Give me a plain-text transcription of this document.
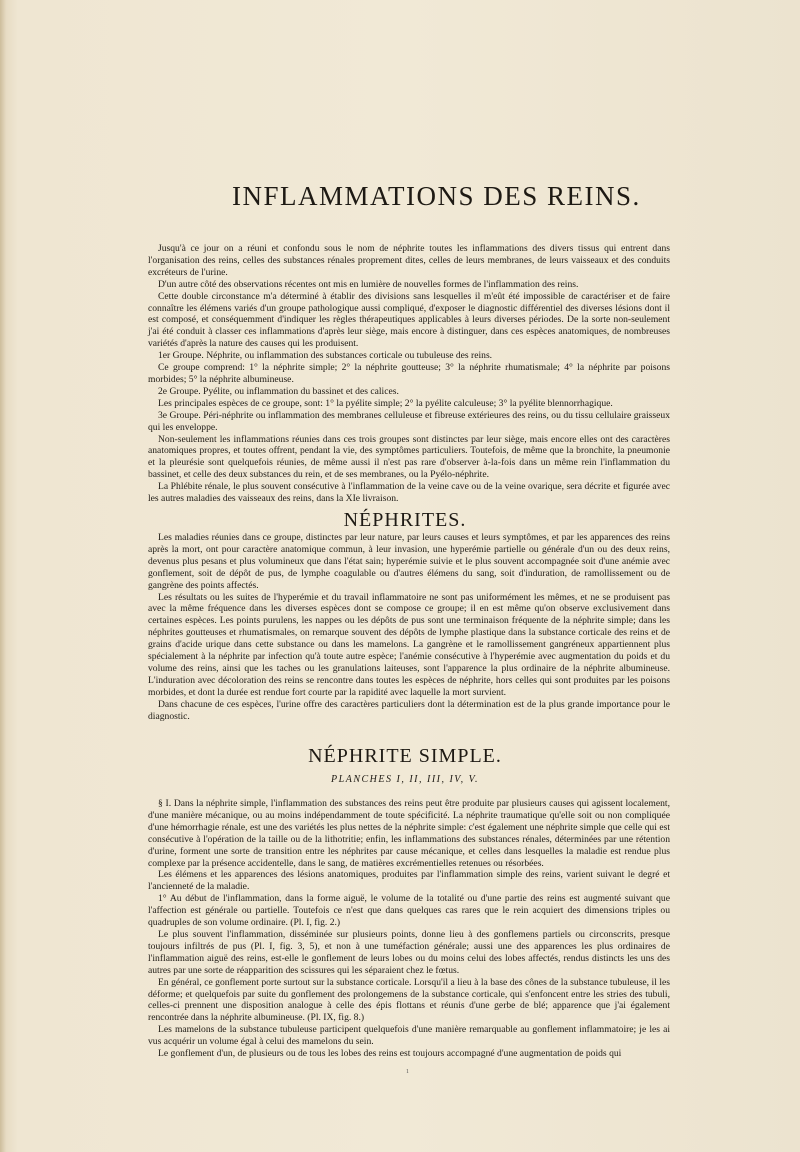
INFLAMMATIONS DES REINS.

Jusqu'à ce jour on a réuni et confondu sous le nom de néphrite toutes les inflammations des divers tissus qui entrent dans l'organisation des reins, celles des substances rénales proprement dites, celles de leurs membranes, de leurs vaisseaux et des conduits excréteurs de l'urine.

D'un autre côté des observations récentes ont mis en lumière de nouvelles formes de l'inflammation des reins.

Cette double circonstance m'a déterminé à établir des divisions sans lesquelles il m'eût été impossible de caractériser et de faire connaître les élémens variés d'un groupe pathologique aussi compliqué, d'exposer le diagnostic différentiel des diverses lésions dont il est composé, et conséquemment d'indiquer les règles thérapeutiques applicables à leurs diverses périodes. De la sorte non-seulement j'ai été conduit à classer ces inflammations d'après leur siège, mais encore à distinguer, dans ces espèces anatomiques, de nombreuses variétés d'après la nature des causes qui les produisent.

1er Groupe. Néphrite, ou inflammation des substances corticale ou tubuleuse des reins.

Ce groupe comprend: 1° la néphrite simple; 2° la néphrite goutteuse; 3° la néphrite rhumatismale; 4° la néphrite par poisons morbides; 5° la néphrite albumineuse.

2e Groupe. Pyélite, ou inflammation du bassinet et des calices.

Les principales espèces de ce groupe, sont: 1° la pyélite simple; 2° la pyélite calculeuse; 3° la pyélite blennorrhagique.

3e Groupe. Péri-néphrite ou inflammation des membranes celluleuse et fibreuse extérieures des reins, ou du tissu cellulaire graisseux qui les enveloppe.

Non-seulement les inflammations réunies dans ces trois groupes sont distinctes par leur siège, mais encore elles ont des caractères anatomiques propres, et toutes offrent, pendant la vie, des symptômes particuliers. Toutefois, de même que la bronchite, la pneumonie et la pleurésie sont quelquefois réunies, de même aussi il n'est pas rare d'observer à-la-fois dans un même rein l'inflammation du bassinet, et celle des deux substances du rein, et de ses membranes, ou la Pyélo-néphrite.

La Phlébite rénale, le plus souvent consécutive à l'inflammation de la veine cave ou de la veine ovarique, sera décrite et figurée avec les autres maladies des vaisseaux des reins, dans la XIe livraison.

NÉPHRITES.

Les maladies réunies dans ce groupe, distinctes par leur nature, par leurs causes et leurs symptômes, et par les apparences des reins après la mort, ont pour caractère anatomique commun, à leur invasion, une hyperémie partielle ou générale d'un ou des deux reins, devenus plus pesans et plus volumineux que dans l'état sain; hyperémie suivie et le plus souvent accompagnée soit d'une anémie avec gonflement, soit de dépôt de pus, de lymphe coagulable ou d'autres élémens du sang, soit d'induration, de ramollissement ou de gangrène des points affectés.

Les résultats ou les suites de l'hyperémie et du travail inflammatoire ne sont pas uniformément les mêmes, et ne se produisent pas avec la même fréquence dans les diverses espèces dont se compose ce groupe; il en est même qu'on observe exclusivement dans certaines espèces. Les points purulens, les nappes ou les dépôts de pus sont une terminaison fréquente de la néphrite simple; dans les néphrites goutteuses et rhumatismales, on remarque souvent des dépôts de lymphe plastique dans la substance corticale des reins et de grains d'acide urique dans cette substance ou dans les mamelons. La gangrène et le ramollissement gangréneux appartiennent plus spécialement à la néphrite par infection qu'à toute autre espèce; l'anémie consécutive à l'hyperémie avec augmentation du poids et du volume des reins, ainsi que les taches ou les granulations laiteuses, sont l'apparence la plus ordinaire de la néphrite albumineuse. L'induration avec décoloration des reins se rencontre dans toutes les espèces de néphrite, hors celles qui sont produites par les poisons morbides, et dont la durée est rendue fort courte par la rapidité avec laquelle la mort survient.

Dans chacune de ces espèces, l'urine offre des caractères particuliers dont la détermination est de la plus grande importance pour le diagnostic.

NÉPHRITE SIMPLE.
PLANCHES I, II, III, IV, V.

§ I. Dans la néphrite simple, l'inflammation des substances des reins peut être produite par plusieurs causes qui agissent localement, d'une manière mécanique, ou au moins indépendamment de toute spécificité. La néphrite traumatique qu'elle soit ou non compliquée d'une hémorrhagie rénale, est une des variétés les plus nettes de la néphrite simple: c'est également une néphrite simple que celle qui est consécutive à l'opération de la taille ou de la lithotritie; enfin, les inflammations des substances rénales, déterminées par une rétention d'urine, forment une sorte de transition entre les néphrites par cause mécanique, et celles dans lesquelles la maladie est rendue plus complexe par la présence accidentelle, dans le sang, de matières excrémentielles retenues ou résorbées.

Les élémens et les apparences des lésions anatomiques, produites par l'inflammation simple des reins, varient suivant le degré et l'ancienneté de la maladie.

1° Au début de l'inflammation, dans la forme aiguë, le volume de la totalité ou d'une partie des reins est augmenté suivant que l'affection est générale ou partielle. Toutefois ce n'est que dans quelques cas rares que le rein acquiert des dimensions triples ou quadruples de son volume ordinaire. (Pl. I, fig. 2.)

Le plus souvent l'inflammation, disséminée sur plusieurs points, donne lieu à des gonflemens partiels ou circonscrits, presque toujours infiltrés de pus (Pl. I, fig. 3, 5), et non à une tuméfaction générale; aussi une des apparences les plus ordinaires de l'inflammation aiguë des reins, est-elle le gonflement de leurs lobes ou du moins celui des lobes affectés, rendus distincts les uns des autres par une sorte de réapparition des scissures qui les séparaient chez le fœtus.

En général, ce gonflement porte surtout sur la substance corticale. Lorsqu'il a lieu à la base des cônes de la substance tubuleuse, il les déforme; et quelquefois par suite du gonflement des prolongemens de la substance corticale, qui s'enfoncent entre les stries des tubuli, celles-ci prennent une disposition analogue à celle des épis flottans et réunis d'une gerbe de blé; apparence que j'ai également rencontrée dans la néphrite albumineuse. (Pl. IX, fig. 8.)

Les mamelons de la substance tubuleuse participent quelquefois d'une manière remarquable au gonflement inflammatoire; je les ai vus acquérir un volume égal à celui des mamelons du sein.

Le gonflement d'un, de plusieurs ou de tous les lobes des reins est toujours accompagné d'une augmentation de poids qui

1
